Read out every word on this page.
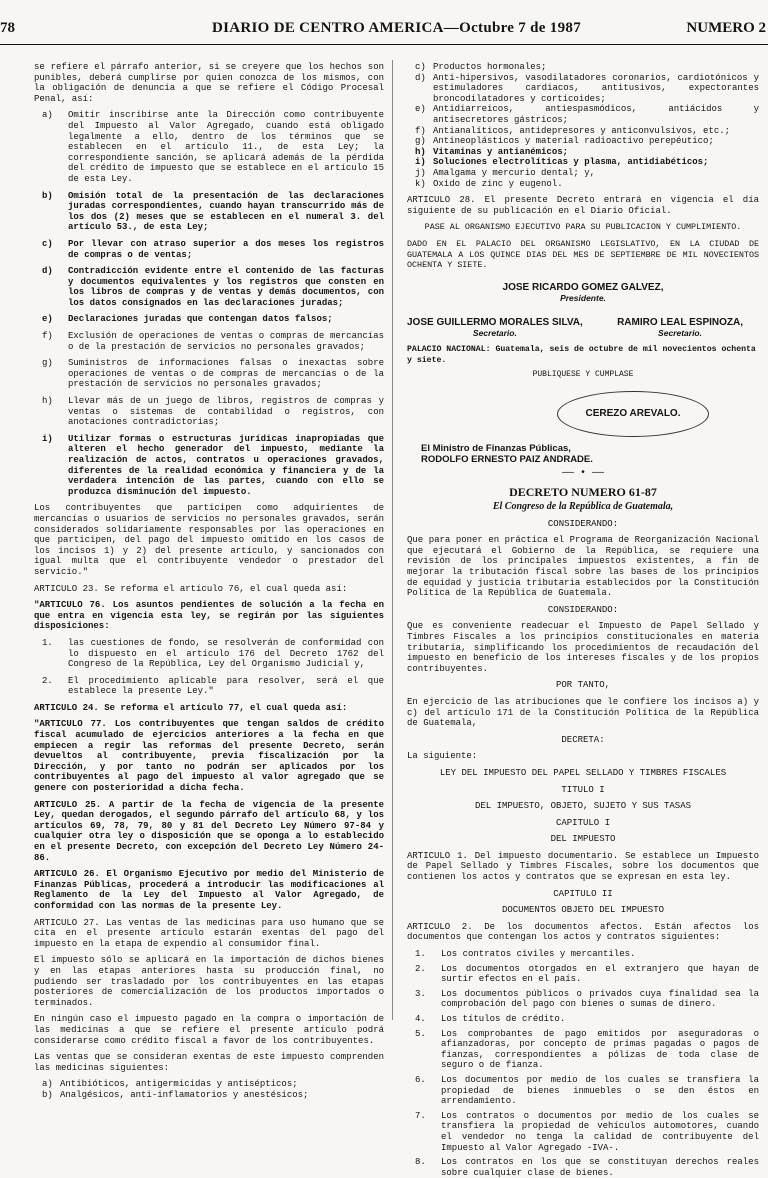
78	DIARIO DE CENTRO AMERICA—Octubre 7 de 1987	NUMERO 2

se refiere el párrafo anterior, si se creyere que los hechos son punibles, deberá cumplirse por quien conozca de los mismos, con la obligación de denuncia a que se refiere el Código Procesal Penal, así:

a)	Omitir inscribirse ante la Dirección como contribuyente del Impuesto al Valor Agregado, cuando está obligado legalmente a ello, dentro de los términos que se establecen en el artículo 11., de esta Ley; la correspondiente sanción, se aplicará además de la pérdida del crédito de impuesto que se establece en el artículo 15 de esta Ley.
b)	Omisión total de la presentación de las declaraciones juradas correspondientes, cuando hayan transcurrido más de los dos (2) meses que se establecen en el numeral 3. del artículo 53., de esta Ley;
c)	Por llevar con atraso superior a dos meses los registros de compras o de ventas;
d)	Contradicción evidente entre el contenido de las facturas y documentos equivalentes y los registros que consten en los libros de compras y de ventas y demás documentos, con los datos consignados en las declaraciones juradas;
e)	Declaraciones juradas que contengan datos falsos;
f)	Exclusión de operaciones de ventas o compras de mercancías o de la prestación de servicios no personales gravados;
g)	Suministros de informaciones falsas o inexactas sobre operaciones de ventas o de compras de mercancías o de la prestación de servicios no personales gravados;
h)	Llevar más de un juego de libros, registros de compras y ventas o sistemas de contabilidad o registros, con anotaciones contradictorias;
i)	Utilizar formas o estructuras jurídicas inapropiadas que alteren el hecho generador del impuesto, mediante la realización de actos, contratos u operaciones gravados, diferentes de la realidad económica y financiera y de la verdadera intención de las partes, cuando con ello se produzca disminución del impuesto.

Los contribuyentes que participen como adquirientes de mercancías o usuarios de servicios no personales gravados, serán considerados solidariamente responsables por las operaciones en que participen, del pago del impuesto omitido en los casos de los incisos 1) y 2) del presente artículo, y sancionados con igual multa que el contribuyente vendedor o prestador del servicio."

ARTICULO 23. Se reforma el artículo 76, el cual queda así:

"ARTICULO 76. Los asuntos pendientes de solución a la fecha en que entra en vigencia esta ley, se regirán por las siguientes disposiciones:

1.	las cuestiones de fondo, se resolverán de conformidad con lo dispuesto en el artículo 176 del Decreto 1762 del Congreso de la República, Ley del Organismo Judicial y,
2.	El procedimiento aplicable para resolver, será el que establece la presente Ley."

ARTICULO 24. Se reforma el artículo 77, el cual queda así:

"ARTICULO 77. Los contribuyentes que tengan saldos de crédito fiscal acumulado de ejercicios anteriores a la fecha en que empiecen a regir las reformas del presente Decreto, serán devueltos al contribuyente, previa fiscalización por la Dirección, y por tanto no podrán ser aplicados por los contribuyentes al pago del impuesto al valor agregado que se genere con posterioridad a dicha fecha.

ARTICULO 25. A partir de la fecha de vigencia de la presente Ley, quedan derogados, el segundo párrafo del artículo 68, y los artículos 69, 78, 79, 80 y 81 del Decreto Ley Número 97-84 y cualquier otra ley o disposición que se oponga a lo establecido en el presente Decreto, con excepción del Decreto Ley Número 24-86.

ARTICULO 26. El Organismo Ejecutivo por medio del Ministerio de Finanzas Públicas, procederá a introducir las modificaciones al Reglamento de la Ley del Impuesto al Valor Agregado, de conformidad con las normas de la presente Ley.

ARTICULO 27. Las ventas de las medicinas para uso humano que se cita en el presente artículo estarán exentas del pago del impuesto en la etapa de expendio al consumidor final.

El impuesto sólo se aplicará en la importación de dichos bienes y en las etapas anteriores hasta su producción final, no pudiendo ser trasladado por los contribuyentes en las etapas posteriores de comercialización de los productos importados o terminados.

En ningún caso el impuesto pagado en la compra o importación de las medicinas a que se refiere el presente artículo podrá considerarse como crédito fiscal a favor de los contribuyentes.

Las ventas que se consideran exentas de este impuesto comprenden las medicinas siguientes:

a) Antibióticos, antigermicidas y antisépticos;
b) Analgésicos, anti-inflamatorios y anestésicos;
c) Productos hormonales;
d) Anti-hipersivos, vasodilatadores coronarios, cardiotónicos y estimuladores cardiacos, antitusivos, expectorantes broncodilatadores y corticoides;
e) Antidiarreicos, antiespasmódicos, antiácidos y antisecretores gástricos;
f) Antianalíticos, antidepresores y anticonvulsivos, etc.;
g) Antineoplásticos y material radioactivo perepéutico;
h) Vitaminas y antianémicos;
i) Soluciones electrolíticas y plasma, antidiabéticos;
j) Amalgama y mercurio dental; y,
k) Oxido de zinc y eugenol.

ARTICULO 28. El presente Decreto entrará en vigencia el día siguiente de su publicación en el Diario Oficial.

PASE AL ORGANISMO EJECUTIVO PARA SU PUBLICACION Y CUMPLIMIENTO.

DADO EN EL PALACIO DEL ORGANISMO LEGISLATIVO, EN LA CIUDAD DE GUATEMALA A LOS QUINCE DIAS DEL MES DE SEPTIEMBRE DE MIL NOVECIENTOS OCHENTA Y SIETE.

JOSE RICARDO GOMEZ GALVEZ,
Presidente.
JOSE GUILLERMO MORALES SILVA,
Secretario.
RAMIRO LEAL ESPINOZA,
Secretario.
PALACIO NACIONAL: Guatemala, seis de octubre de mil novecientos ochenta y siete.
PUBLIQUESE Y CUMPLASE
CEREZO AREVALO.
El Ministro de Finanzas Públicas,
RODOLFO ERNESTO PAIZ ANDRADE.
—— • ——
DECRETO NUMERO 61-87
El Congreso de la República de Guatemala,

CONSIDERANDO:

Que para poner en práctica el Programa de Reorganización Nacional que ejecutará el Gobierno de la República, se requiere una revisión de los principales impuestos existentes, a fin de mejorar la tributación fiscal sobre las bases de los principios de equidad y justicia tributaria establecidos por la Constitución Política de la República de Guatemala.

CONSIDERANDO:

Que es conveniente readecuar el Impuesto de Papel Sellado y Timbres Fiscales a los principios constitucionales en materia tributaria, simplificando los procedimientos de recaudación del impuesto en beneficio de los intereses fiscales y de los propios contribuyentes.

POR TANTO,

En ejercicio de las atribuciones que le confiere los incisos a) y c) del artículo 171 de la Constitución Política de la República de Guatemala,

DECRETA:

La siguiente:

LEY DEL IMPUESTO DEL PAPEL SELLADO Y TIMBRES FISCALES

TITULO I

DEL IMPUESTO, OBJETO, SUJETO Y SUS TASAS

CAPITULO I

DEL IMPUESTO

ARTICULO 1. Del impuesto documentario. Se establece un Impuesto de Papel Sellado y Timbres Fiscales, sobre los documentos que contienen los actos y contratos que se expresan en esta ley.

CAPITULO II

DOCUMENTOS OBJETO DEL IMPUESTO

ARTICULO 2. De los documentos afectos. Están afectos los documentos que contengan los actos y contratos siguientes:

1.	Los contratos civiles y mercantiles.
2.	Los documentos otorgados en el extranjero que hayan de surtir efectos en el país.
3.	Los documentos públicos o privados cuya finalidad sea la comprobación del pago con bienes o sumas de dinero.
4.	Los títulos de crédito.
5.	Los comprobantes de pago emitidos por aseguradoras o afianzadoras, por concepto de primas pagadas o pagos de fianzas, correspondientes a pólizas de toda clase de seguro o de fianza.
6.	Los documentos por medio de los cuales se transfiera la propiedad de bienes inmuebles o se den éstos en arrendamiento.
7.	Los contratos o documentos por medio de los cuales se transfiera la propiedad de vehículos automotores, cuando el vendedor no tenga la calidad de contribuyente del Impuesto al Valor Agregado -IVA-.
8.	Los contratos en los que se constituyan derechos reales sobre cualquier clase de bienes.
